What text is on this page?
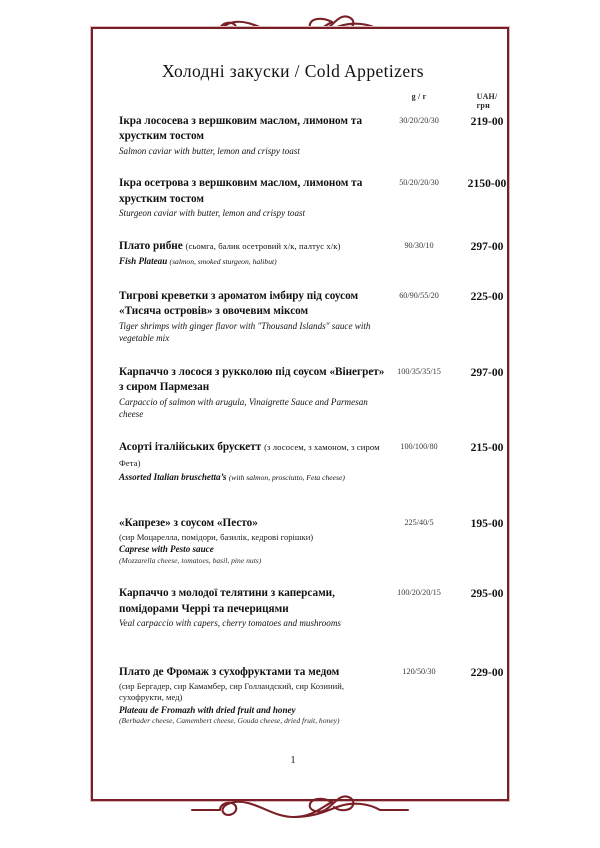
Холодні закуски / Cold Appetizers
g / г	UAH/грн
Ікра лососева з вершковим маслом, лимоном та хрустким тостом
Salmon caviar with butter, lemon and crispy toast
30/20/20/30	219-00
Ікра осетрова з вершковим маслом, лимоном та хрустким тостом
Sturgeon caviar with butter, lemon and crispy toast
50/20/20/30 2150-00
Плато рибне (сьомга, балик осетровий х/к, палтус х/к)
Fish Plateau (salmon, smoked sturgeon, halibut)
90/30/10	297-00
Тигрові креветки з ароматом імбиру під соусом «Тисяча островів» з овочевим міксом
Tiger shrimps with ginger flavor with "Thousand Islands" sauce with vegetable mix
60/90/55/20	225-00
Карпаччо з лосося з рукколою під соусом «Вінегрет» з сиром Пармезан
Carpaccio of salmon with arugula, Vinaigrette Sauce and Parmesan cheese
100/35/35/15	297-00
Асорті італійських брускетт (з лососем, з хамоном, з сиром Фета)
Assorted Italian bruschetta’s (with salmon, prosciutto, Feta cheese)
100/100/80	215-00
«Капрезе» з соусом «Песто»
(сир Моцарелла, помідори, базилік, кедрові горішки)
Caprese with Pesto sauce
(Mozzarella cheese, tomatoes, basil, pine nuts)
225/40/5	195-00
Карпаччо з молодої телятини з каперсами, помідорами Черрі та печерицями
Veal carpaccio with capers, cherry tomatoes and mushrooms
100/20/20/15	295-00
Плато де Фромаж з сухофруктами та медом
(сир Бергадер, сир Камамбер, сир Голландский, сир Козиний, сухофрукти, мед)
Plateau de Fromazh with dried fruit and honey
(Berbader cheese, Camembert cheese, Gouda cheese, dried fruit, honey)
120/50/30	229-00
1
